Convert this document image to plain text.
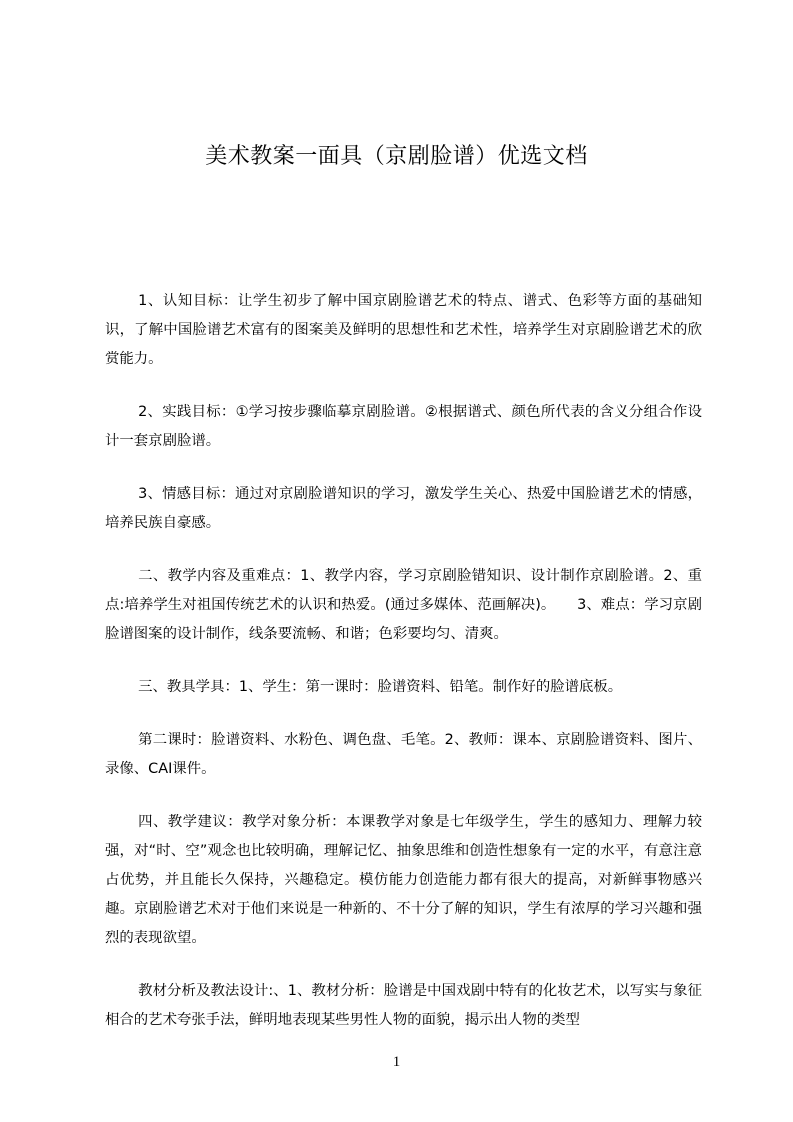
美术教案一面具（京剧脸谱）优选文档

1、认知目标：让学生初步了解中国京剧脸谱艺术的特点、谱式、色彩等方面的基础知识，了解中国脸谱艺术富有的图案美及鲜明的思想性和艺术性，培养学生对京剧脸谱艺术的欣赏能力。

2、实践目标：①学习按步骤临摹京剧脸谱。②根据谱式、颜色所代表的含义分组合作设计一套京剧脸谱。

3、情感目标：通过对京剧脸谱知识的学习，激发学生关心、热爱中国脸谱艺术的情感，培养民族自豪感。

二、教学内容及重难点：1、教学内容，学习京剧脸错知识、设计制作京剧脸谱。2、重点:培养学生对祖国传统艺术的认识和热爱。(通过多媒体、范画解决)。　　3、难点：学习京剧脸谱图案的设计制作，线条要流畅、和谐；色彩要均匀、清爽。

三、教具学具：1、学生：第一课时：脸谱资料、铅笔。制作好的脸谱底板。

第二课时：脸谱资料、水粉色、调色盘、毛笔。2、教师：课本、京剧脸谱资料、图片、录像、CAI课件。

四、教学建议：教学对象分析：本课教学对象是七年级学生，学生的感知力、理解力较强，对“时、空”观念也比较明确，理解记忆、抽象思维和创造性想象有一定的水平，有意注意占优势，并且能长久保持，兴趣稳定。模仿能力创造能力都有很大的提高，对新鲜事物感兴趣。京剧脸谱艺术对于他们来说是一种新的、不十分了解的知识，学生有浓厚的学习兴趣和强烈的表现欲望。

教材分析及教法设计:、1、教材分析：脸谱是中国戏剧中特有的化妆艺术，以写实与象征相合的艺术夸张手法，鲜明地表现某些男性人物的面貌，揭示出人物的类型

1
